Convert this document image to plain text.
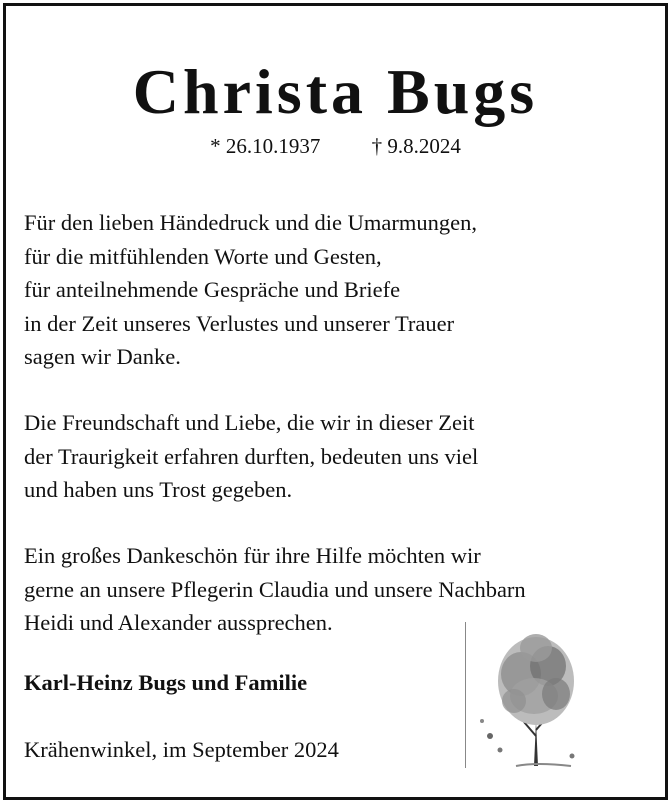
Christa Bugs
* 26.10.1937 † 9.8.2024

Für den lieben Händedruck und die Umarmungen,
für die mitfühlenden Worte und Gesten,
für anteilnehmende Gespräche und Briefe
in der Zeit unseres Verlustes und unserer Trauer
sagen wir Danke.

Die Freundschaft und Liebe, die wir in dieser Zeit
der Traurigkeit erfahren durften, bedeuten uns viel
und haben uns Trost gegeben.

Ein großes Dankeschön für ihre Hilfe möchten wir
gerne an unsere Pflegerin Claudia und unsere Nachbarn
Heidi und Alexander aussprechen.

Karl-Heinz Bugs und Familie

Krähenwinkel, im September 2024
